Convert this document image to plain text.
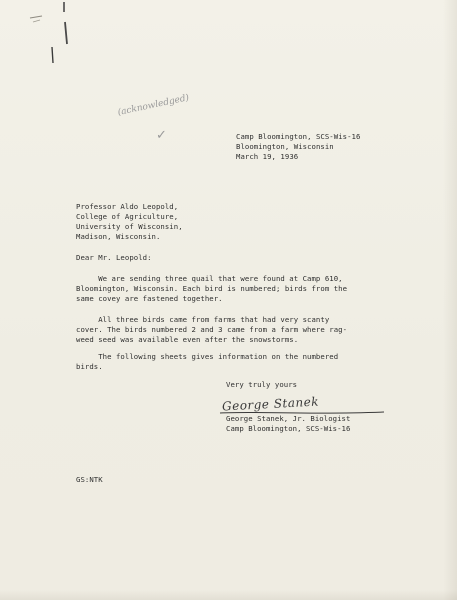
(acknowledged)
✓	Camp Bloomington, SCS-Wis-16
Bloomington, Wisconsin
March 19, 1936
Professor Aldo Leopold,
College of Agriculture,
University of Wisconsin,
Madison, Wisconsin.
Dear Mr. Leopold:
We are sending three quail that were found at Camp 610,
Bloomington, Wisconsin. Each bird is numbered; birds from the
same covey are fastened together.
All three birds came from farms that had very scanty
cover. The birds numbered 2 and 3 came from a farm where rag-
weed seed was available even after the snowstorms.
The following sheets gives information on the numbered
birds.
Very truly yours
George Stanek
George Stanek, Jr. Biologist
Camp Bloomington, SCS-Wis-16
GS:NTK
